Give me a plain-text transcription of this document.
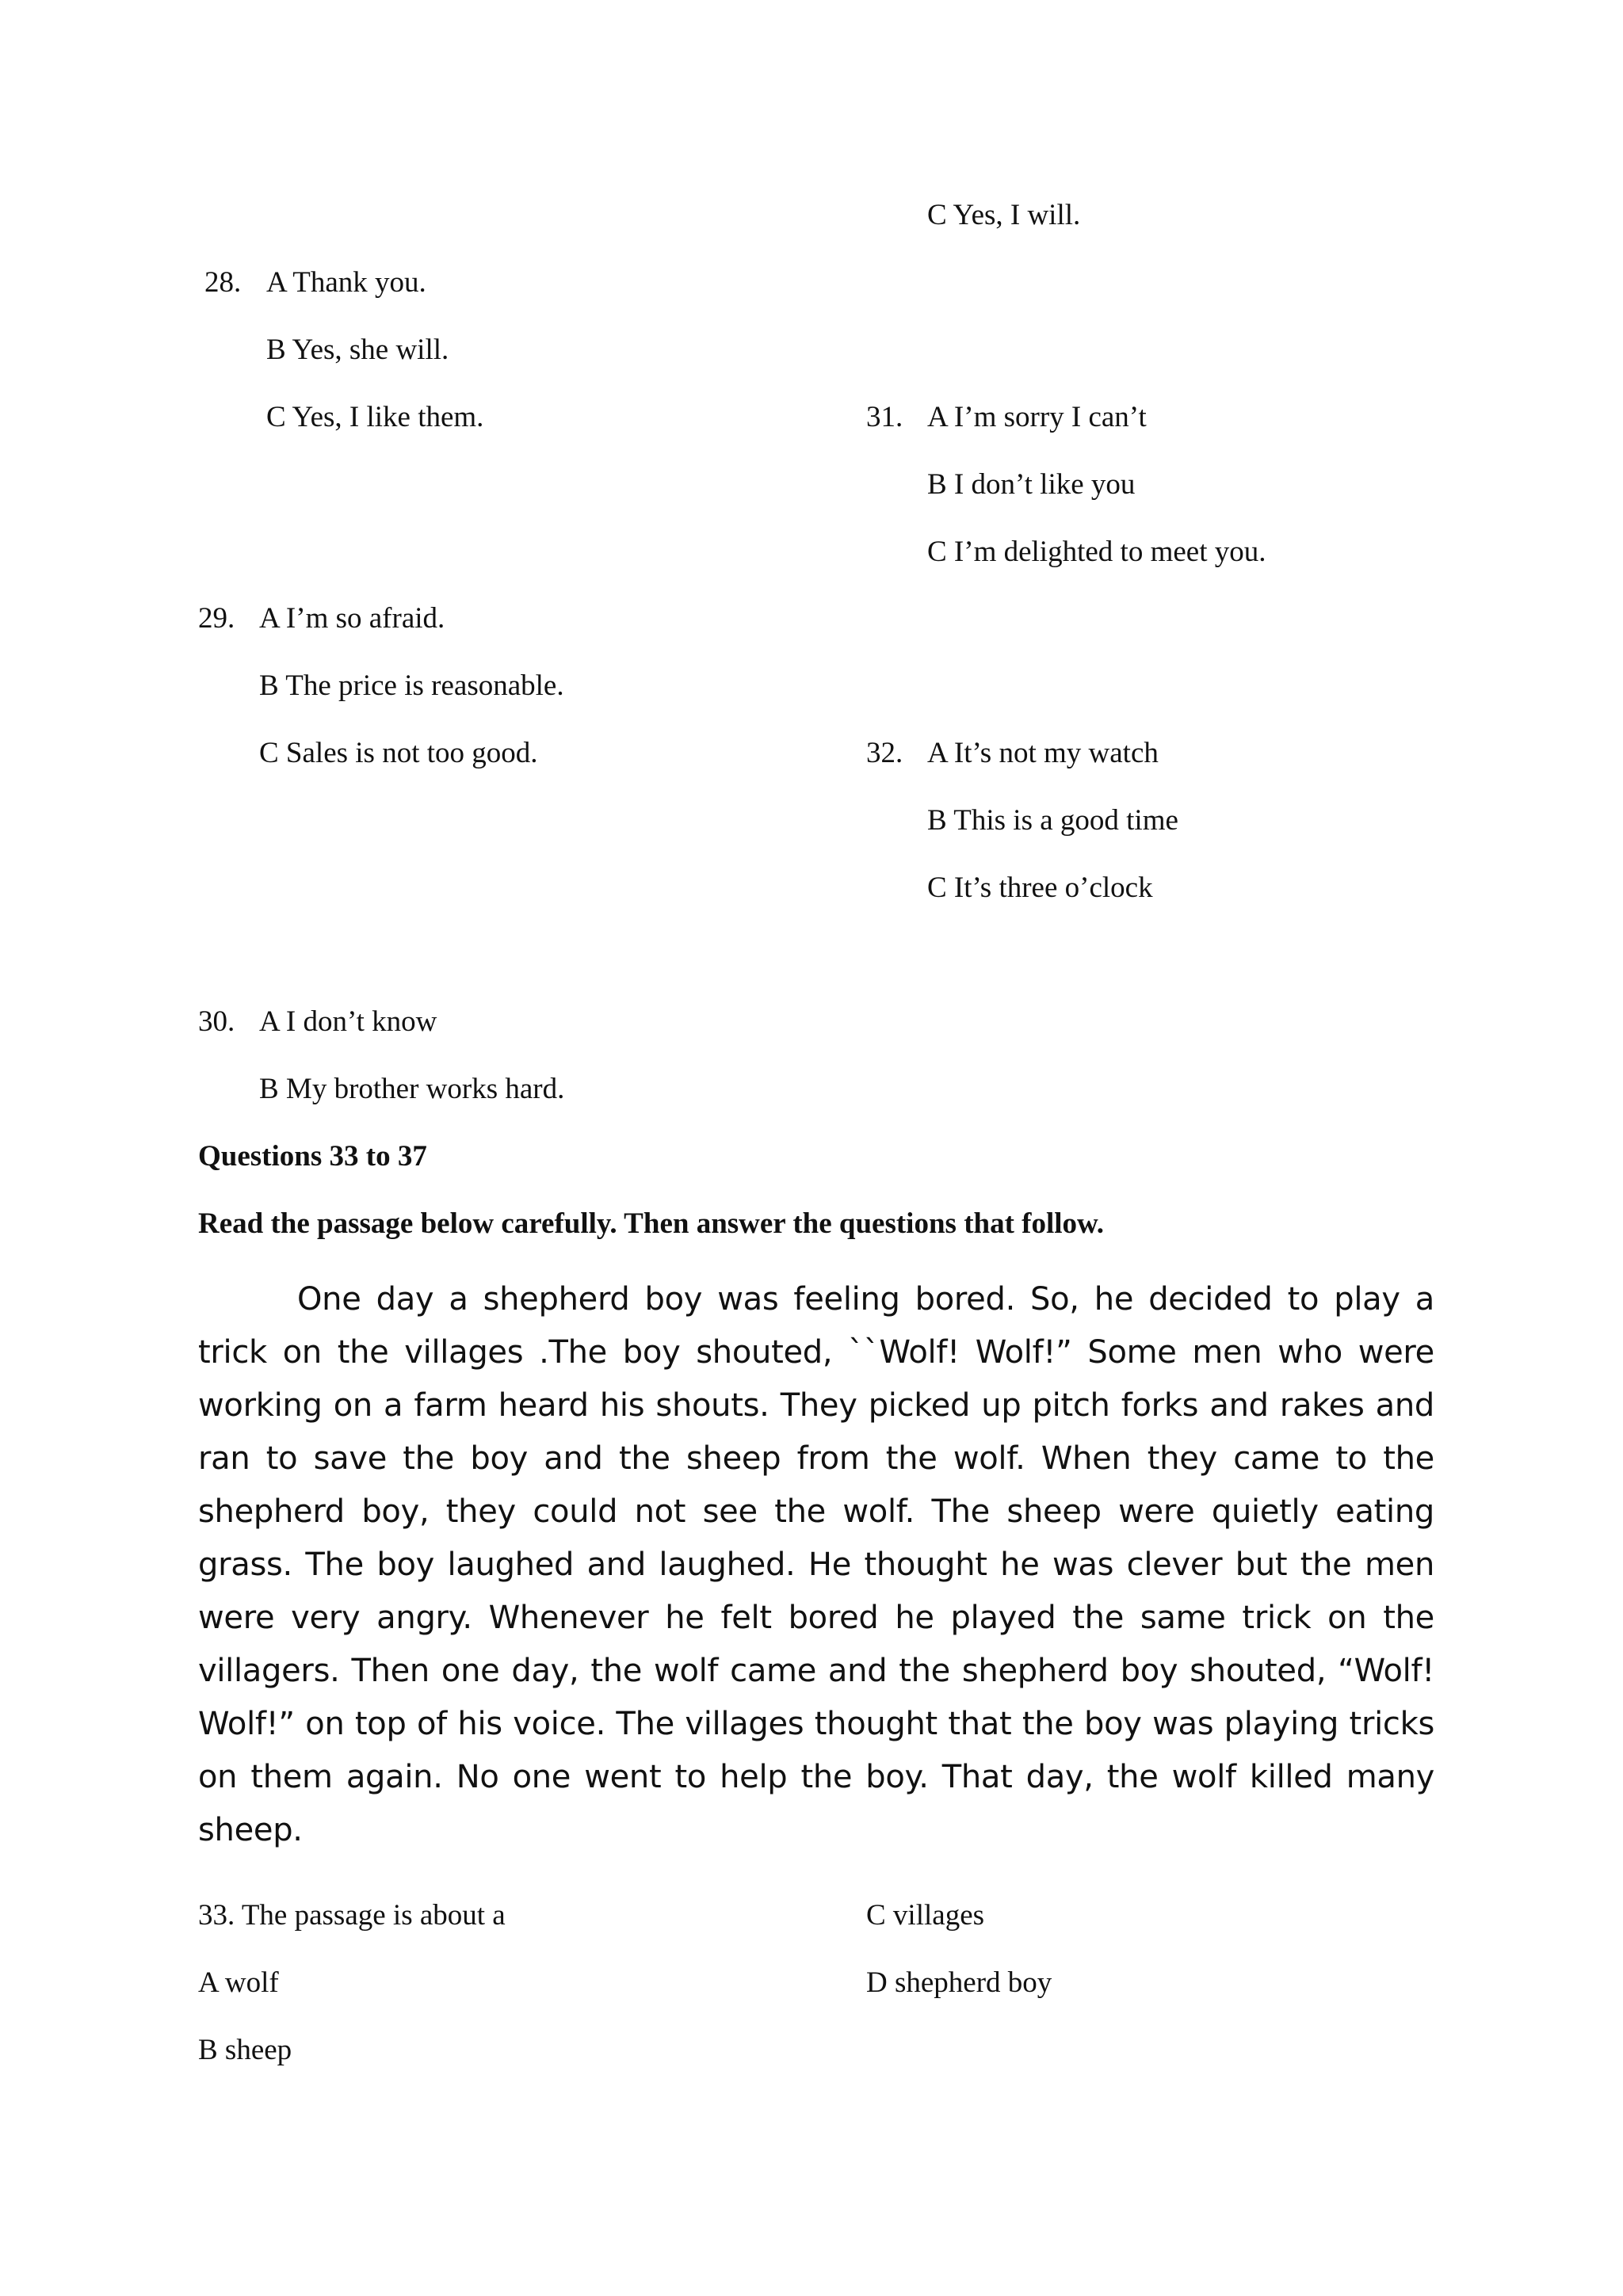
C Yes, I will.
28. A Thank you.
B Yes, she will.
C Yes, I like them.	31. A I’m sorry I can’t
B I don’t like you
C I’m delighted to meet you.
29. A I’m so afraid.
B The price is reasonable.
C Sales is not too good.	32. A It’s not my watch
B This is a good time
C It’s three o’clock
30. A I don’t know
B My brother works hard.
Questions 33 to 37
Read the passage below carefully. Then answer the questions that follow.
One day a shepherd boy was feeling bored. So, he decided to play a trick on the villages .The boy shouted, ``Wolf! Wolf!” Some men who were working on a farm heard his shouts. They picked up pitch forks and rakes and ran to save the boy and the sheep from the wolf. When they came to the shepherd boy, they could not see the wolf. The sheep were quietly eating grass. The boy laughed and laughed. He thought he was clever but the men were very angry. Whenever he felt bored he played the same trick on the villagers. Then one day, the wolf came and the shepherd boy shouted, “Wolf! Wolf!” on top of his voice. The villages thought that the boy was playing tricks on them again. No one went to help the boy. That day, the wolf killed many sheep.
33. The passage is about a
A wolf
B sheep
C villages
D shepherd boy
